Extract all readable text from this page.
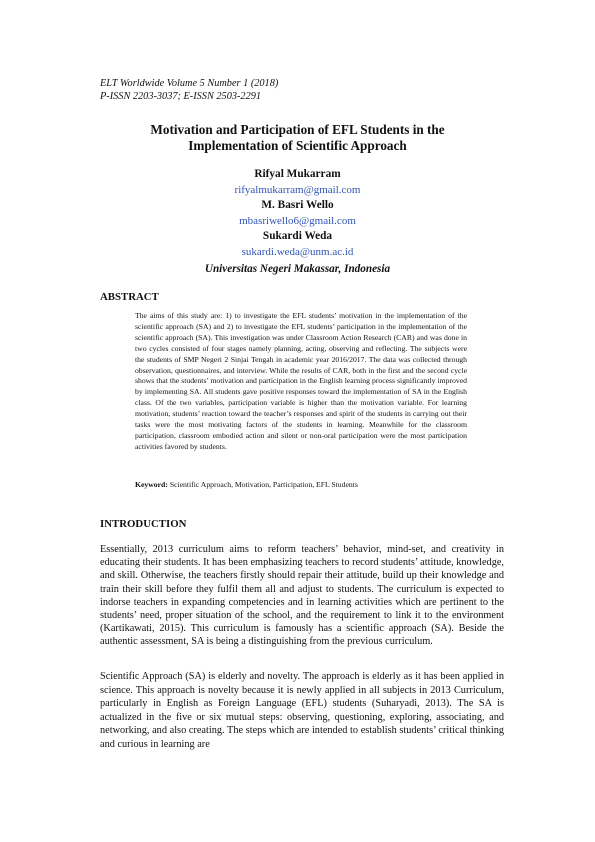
ELT Worldwide Volume 5 Number 1 (2018)
P-ISSN 2203-3037; E-ISSN 2503-2291
Motivation and Participation of EFL Students in the
Implementation of Scientific Approach
Rifyal Mukarram
rifyalmukarram@gmail.com
M. Basri Wello
mbasriwello6@gmail.com
Sukardi Weda
sukardi.weda@unm.ac.id
Universitas Negeri Makassar, Indonesia
ABSTRACT
The aims of this study are: 1) to investigate the EFL students’ motivation in the implementation of the scientific approach (SA) and 2) to investigate the EFL students’ participation in the implementation of the scientific approach (SA). This investigation was under Classroom Action Research (CAR) and was done in two cycles consisted of four stages namely planning, acting, observing and reflecting. The subjects were the students of SMP Negeri 2 Sinjai Tengah in academic year 2016/2017. The data was collected through observation, questionnaires, and interview. While the results of CAR, both in the first and the second cycle shows that the students’ motivation and participation in the English learning process significantly improved by implementing SA. All students gave positive responses toward the implementation of SA in the English class. Of the two variables, participation variable is higher than the motivation variable. For learning motivation, students’ reaction toward the teacher’s responses and spirit of the students in carrying out their tasks were the most motivating factors of the students in learning. Meanwhile for the classroom participation, classroom embodied action and silent or non-oral participation were the most participation activities favored by students.
Keyword: Scientific Approach, Motivation, Participation, EFL Students
INTRODUCTION
Essentially, 2013 curriculum aims to reform teachers’ behavior, mind-set, and creativity in educating their students. It has been emphasizing teachers to record students’ attitude, knowledge, and skill. Otherwise, the teachers firstly should repair their attitude, build up their knowledge and train their skill before they fulfil them all and adjust to students. The curriculum is expected to indorse teachers in expanding competencies and in learning activities which are pertinent to the students’ need, proper situation of the school, and the requirement to link it to the environment (Kartikawati, 2015). This curriculum is famously has a scientific approach (SA). Beside the authentic assessment, SA is being a distinguishing from the previous curriculum.
Scientific Approach (SA) is elderly and novelty. The approach is elderly as it has been applied in science. This approach is novelty because it is newly applied in all subjects in 2013 Curriculum, particularly in English as Foreign Language (EFL) students (Suharyadi, 2013). The SA is actualized in the five or six mutual steps: observing, questioning, exploring, associating, and networking, and also creating. The steps which are intended to establish students’ critical thinking and curious in learning are
